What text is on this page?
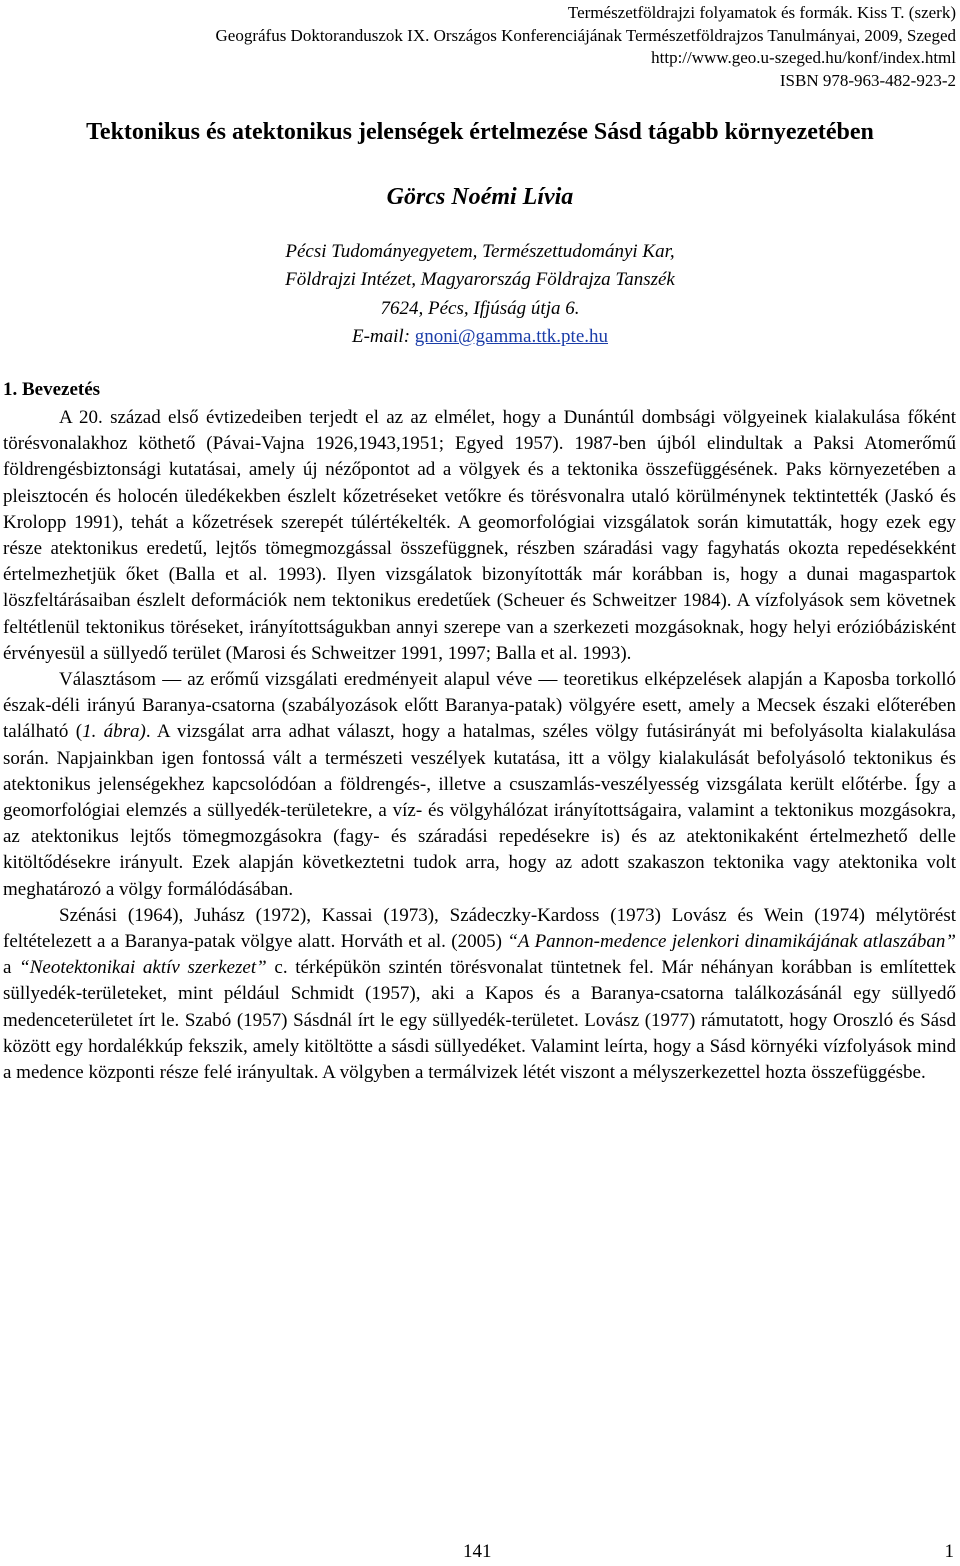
Természetföldrajzi folyamatok és formák. Kiss T. (szerk)
Geográfus Doktoranduszok IX. Országos Konferenciájának Természetföldrajzos Tanulmányai, 2009, Szeged
http://www.geo.u-szeged.hu/konf/index.html
ISBN 978-963-482-923-2
Tektonikus és atektonikus jelenségek értelmezése Sásd tágabb környezetében
Görcs Noémi Lívia
Pécsi Tudományegyetem, Természettudományi Kar,
Földrajzi Intézet, Magyarország Földrajza Tanszék
7624, Pécs, Ifjúság útja 6.
E-mail: gnoni@gamma.ttk.pte.hu
1. Bevezetés

A 20. század első évtizedeiben terjedt el az az elmélet, hogy a Dunántúl dombsági völgyeinek kialakulása főként törésvonalakhoz köthető (Pávai-Vajna 1926,1943,1951; Egyed 1957). 1987-ben újból elindultak a Paksi Atomerőmű földrengésbiztonsági kutatásai, amely új nézőpontot ad a völgyek és a tektonika összefüggésének. Paks környezetében a pleisztocén és holocén üledékekben észlelt kőzetréseket vetőkre és törésvonalra utaló körülménynek tektintették (Jaskó és Krolopp 1991), tehát a kőzetrések szerepét túlértékelték. A geomorfológiai vizsgálatok során kimutatták, hogy ezek egy része atektonikus eredetű, lejtős tömegmozgással összefüggnek, részben száradási vagy fagyhatás okozta repedésekként értelmezhetjük őket (Balla et al. 1993). Ilyen vizsgálatok bizonyították már korábban is, hogy a dunai magaspartok löszfeltárásaiban észlelt deformációk nem tektonikus eredetűek (Scheuer és Schweitzer 1984). A vízfolyások sem követnek feltétlenül tektonikus töréseket, irányítottságukban annyi szerepe van a szerkezeti mozgásoknak, hogy helyi erózióbázisként érvényesül a süllyedő terület (Marosi és Schweitzer 1991, 1997; Balla et al. 1993).

Választásom — az erőmű vizsgálati eredményeit alapul véve — teoretikus elképzelések alapján a Kaposba torkolló észak-déli irányú Baranya-csatorna (szabályozások előtt Baranya-patak) völgyére esett, amely a Mecsek északi előterében található (1. ábra). A vizsgálat arra adhat választ, hogy a hatalmas, széles völgy futásirányát mi befolyásolta kialakulása során. Napjainkban igen fontossá vált a természeti veszélyek kutatása, itt a völgy kialakulását befolyásoló tektonikus és atektonikus jelenségekhez kapcsolódóan a földrengés-, illetve a csuszamlás-veszélyesség vizsgálata került előtérbe. Így a geomorfológiai elemzés a süllyedék-területekre, a víz- és völgyhálózat irányítottságaira, valamint a tektonikus mozgásokra, az atektonikus lejtős tömegmozgásokra (fagy- és száradási repedésekre is) és az atektonikaként értelmezhető delle kitöltődésekre irányult. Ezek alapján következtetni tudok arra, hogy az adott szakaszon tektonika vagy atektonika volt meghatározó a völgy formálódásában.

Szénási (1964), Juhász (1972), Kassai (1973), Szádeczky-Kardoss (1973) Lovász és Wein (1974) mélytörést feltételezett a a Baranya-patak völgye alatt. Horváth et al. (2005) “A Pannon-medence jelenkori dinamikájának atlaszában” a “Neotektonikai aktív szerkezet” c. térképükön szintén törésvonalat tüntetnek fel. Már néhányan korábban is említettek süllyedék-területeket, mint például Schmidt (1957), aki a Kapos és a Baranya-csatorna találkozásánál egy süllyedő medenceterületet írt le. Szabó (1957) Sásdnál írt le egy süllyedék-területet. Lovász (1977) rámutatott, hogy Oroszló és Sásd között egy hordalékkúp fekszik, amely kitöltötte a sásdi süllyedéket. Valamint leírta, hogy a Sásd környéki vízfolyások mind a medence központi része felé irányultak. A völgyben a termálvizek létét viszont a mélyszerkezettel hozta összefüggésbe.

141	1
